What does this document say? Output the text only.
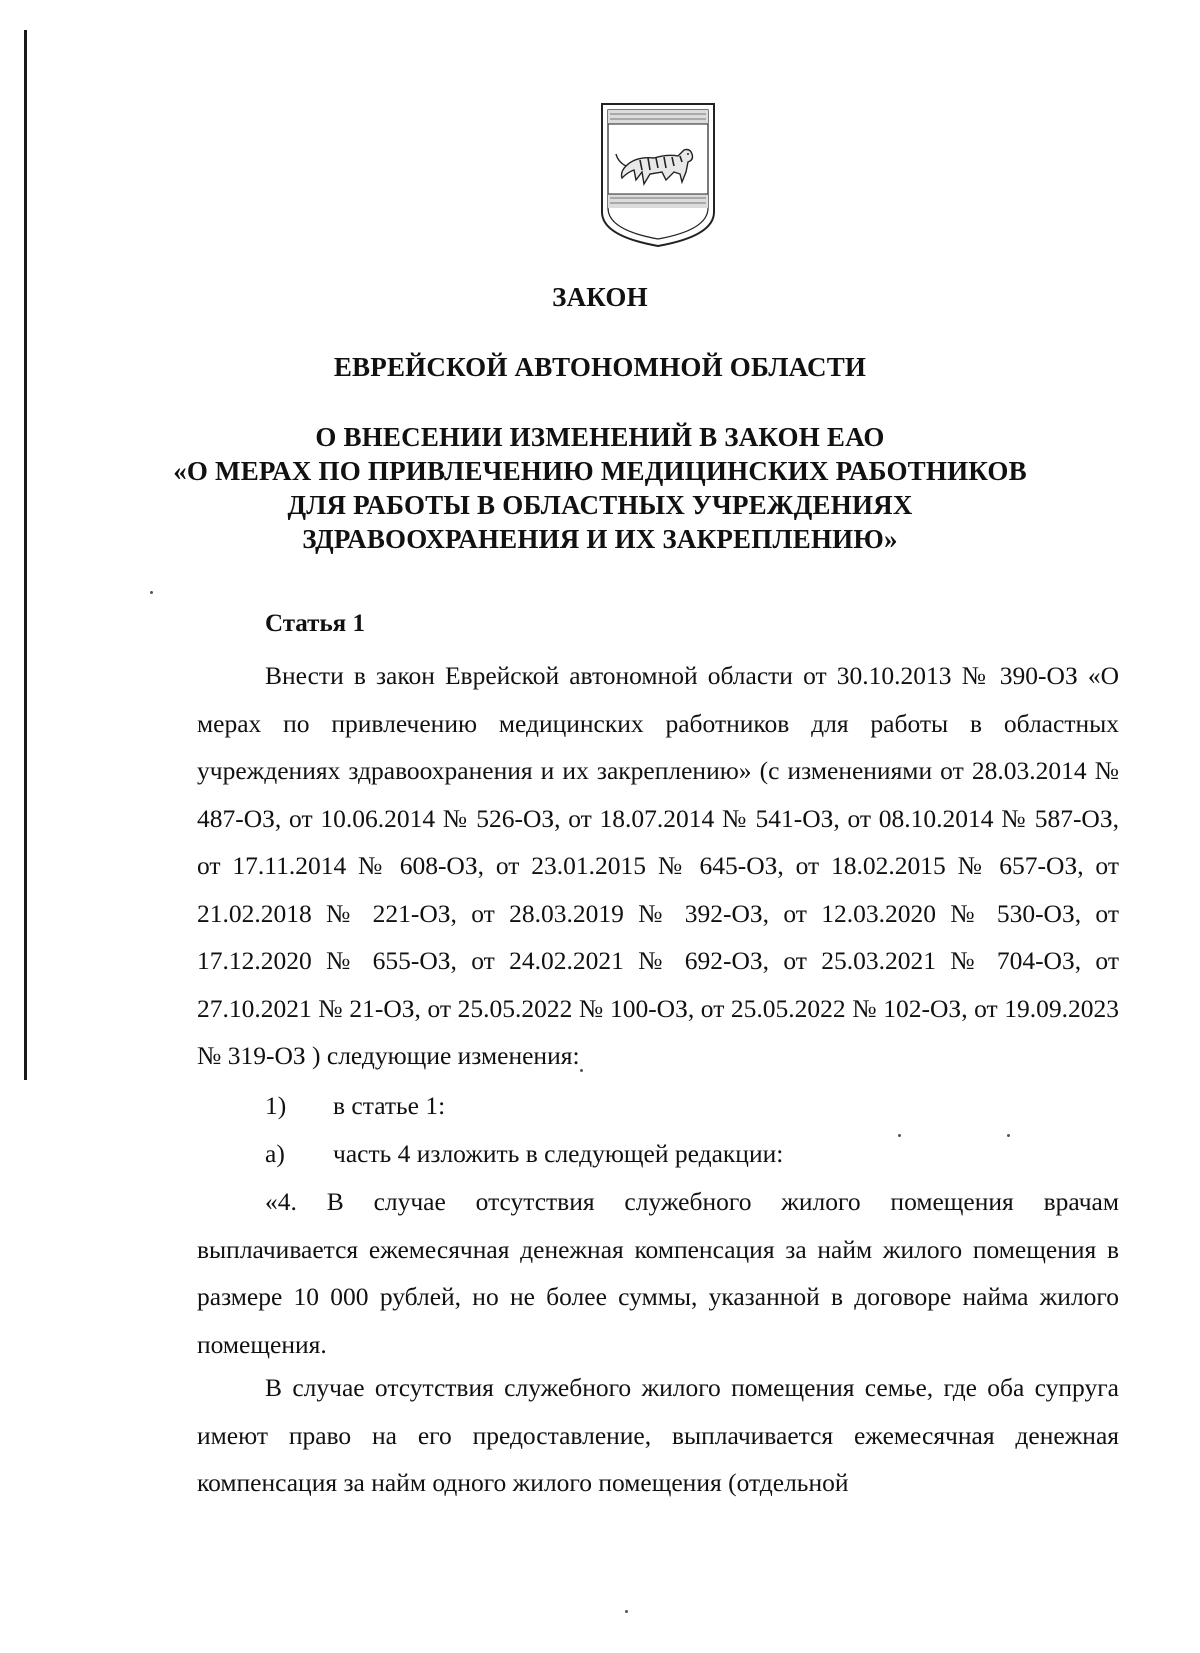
ЗАКОН
ЕВРЕЙСКОЙ АВТОНОМНОЙ ОБЛАСТИ
О ВНЕСЕНИИ ИЗМЕНЕНИЙ В ЗАКОН ЕАО
«О МЕРАХ ПО ПРИВЛЕЧЕНИЮ МЕДИЦИНСКИХ РАБОТНИКОВ
ДЛЯ РАБОТЫ В ОБЛАСТНЫХ УЧРЕЖДЕНИЯХ
ЗДРАВООХРАНЕНИЯ И ИХ ЗАКРЕПЛЕНИЮ»
Статья 1

Внести в закон Еврейской автономной области от 30.10.2013 № 390-ОЗ «О мерах по привлечению медицинских работников для работы в областных учреждениях здравоохранения и их закреплению» (с изменениями от 28.03.2014 № 487-ОЗ, от 10.06.2014 № 526-ОЗ, от 18.07.2014 № 541-ОЗ, от 08.10.2014 № 587-ОЗ, от 17.11.2014 № 608-ОЗ, от 23.01.2015 № 645-ОЗ, от 18.02.2015 № 657-ОЗ, от 21.02.2018 № 221-ОЗ, от 28.03.2019 № 392-ОЗ, от 12.03.2020 № 530-ОЗ, от 17.12.2020 № 655-ОЗ, от 24.02.2021 № 692-ОЗ, от 25.03.2021 № 704-ОЗ, от 27.10.2021 № 21-ОЗ, от 25.05.2022 № 100-ОЗ, от 25.05.2022 № 102-ОЗ, от 19.09.2023 № 319-ОЗ ) следующие изменения:

1) в статье 1:

а) часть 4 изложить в следующей редакции:

«4. В случае отсутствия служебного жилого помещения врачам выплачивается ежемесячная денежная компенсация за найм жилого помещения в размере 10 000 рублей, но не более суммы, указанной в договоре найма жилого помещения.

В случае отсутствия служебного жилого помещения семье, где оба супруга имеют право на его предоставление, выплачивается ежемесячная денежная компенсация за найм одного жилого помещения (отдельной
